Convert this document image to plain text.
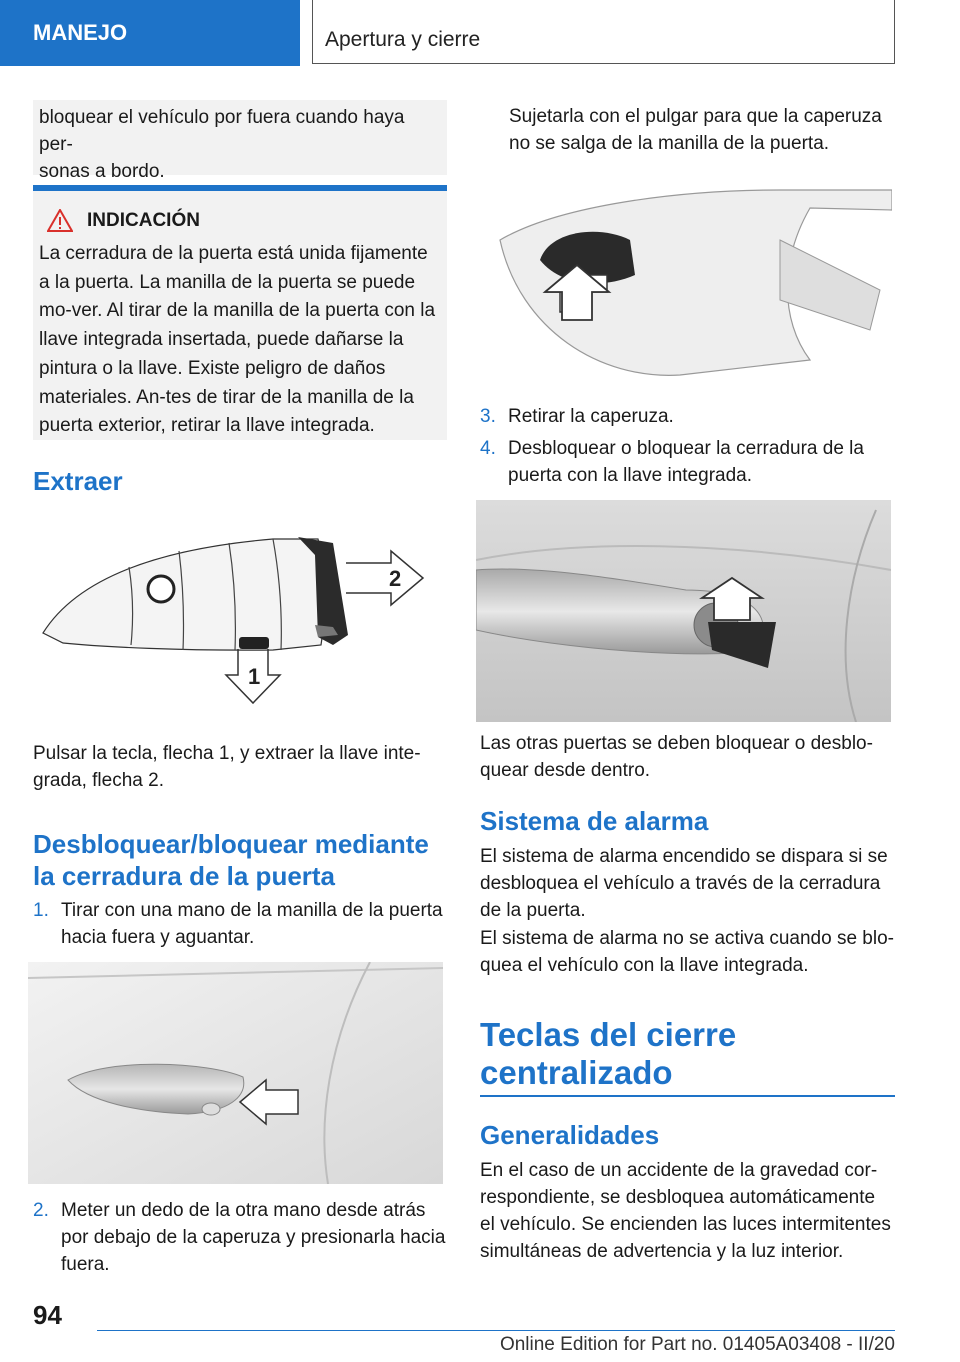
MANEJO	Apertura y cierre

bloquear el vehículo por fuera cuando haya per-
sonas a bordo.

INDICACIÓN

La cerradura de la puerta está unida fijamente a la puerta. La manilla de la puerta se puede mo-ver. Al tirar de la manilla de la puerta con la llave integrada insertada, puede dañarse la pintura o la llave. Existe peligro de daños materiales. An-tes de tirar de la manilla de la puerta exterior, retirar la llave integrada.

Extraer
1
2

Pulsar la tecla, flecha 1, y extraer la llave inte-grada, flecha 2.

Desbloquear/bloquear mediante la cerradura de la puerta
1. Tirar con una mano de la manilla de la puerta hacia fuera y aguantar.
2. Meter un dedo de la otra mano desde atrás por debajo de la caperuza y presionarla hacia fuera.

Sujetarla con el pulgar para que la caperuza no se salga de la manilla de la puerta.

3. Retirar la caperuza.
4. Desbloquear o bloquear la cerradura de la puerta con la llave integrada.

Las otras puertas se deben bloquear o desblo-quear desde dentro.

Sistema de alarma

El sistema de alarma encendido se dispara si se desbloquea el vehículo a través de la cerradura de la puerta.

El sistema de alarma no se activa cuando se blo-quea el vehículo con la llave integrada.

Teclas del cierre centralizado
Generalidades

En el caso de un accidente de la gravedad cor-respondiente, se desbloquea automáticamente el vehículo. Se encienden las luces intermitentes simultáneas de advertencia y la luz interior.

94
Online Edition for Part no. 01405A03408 - II/20
